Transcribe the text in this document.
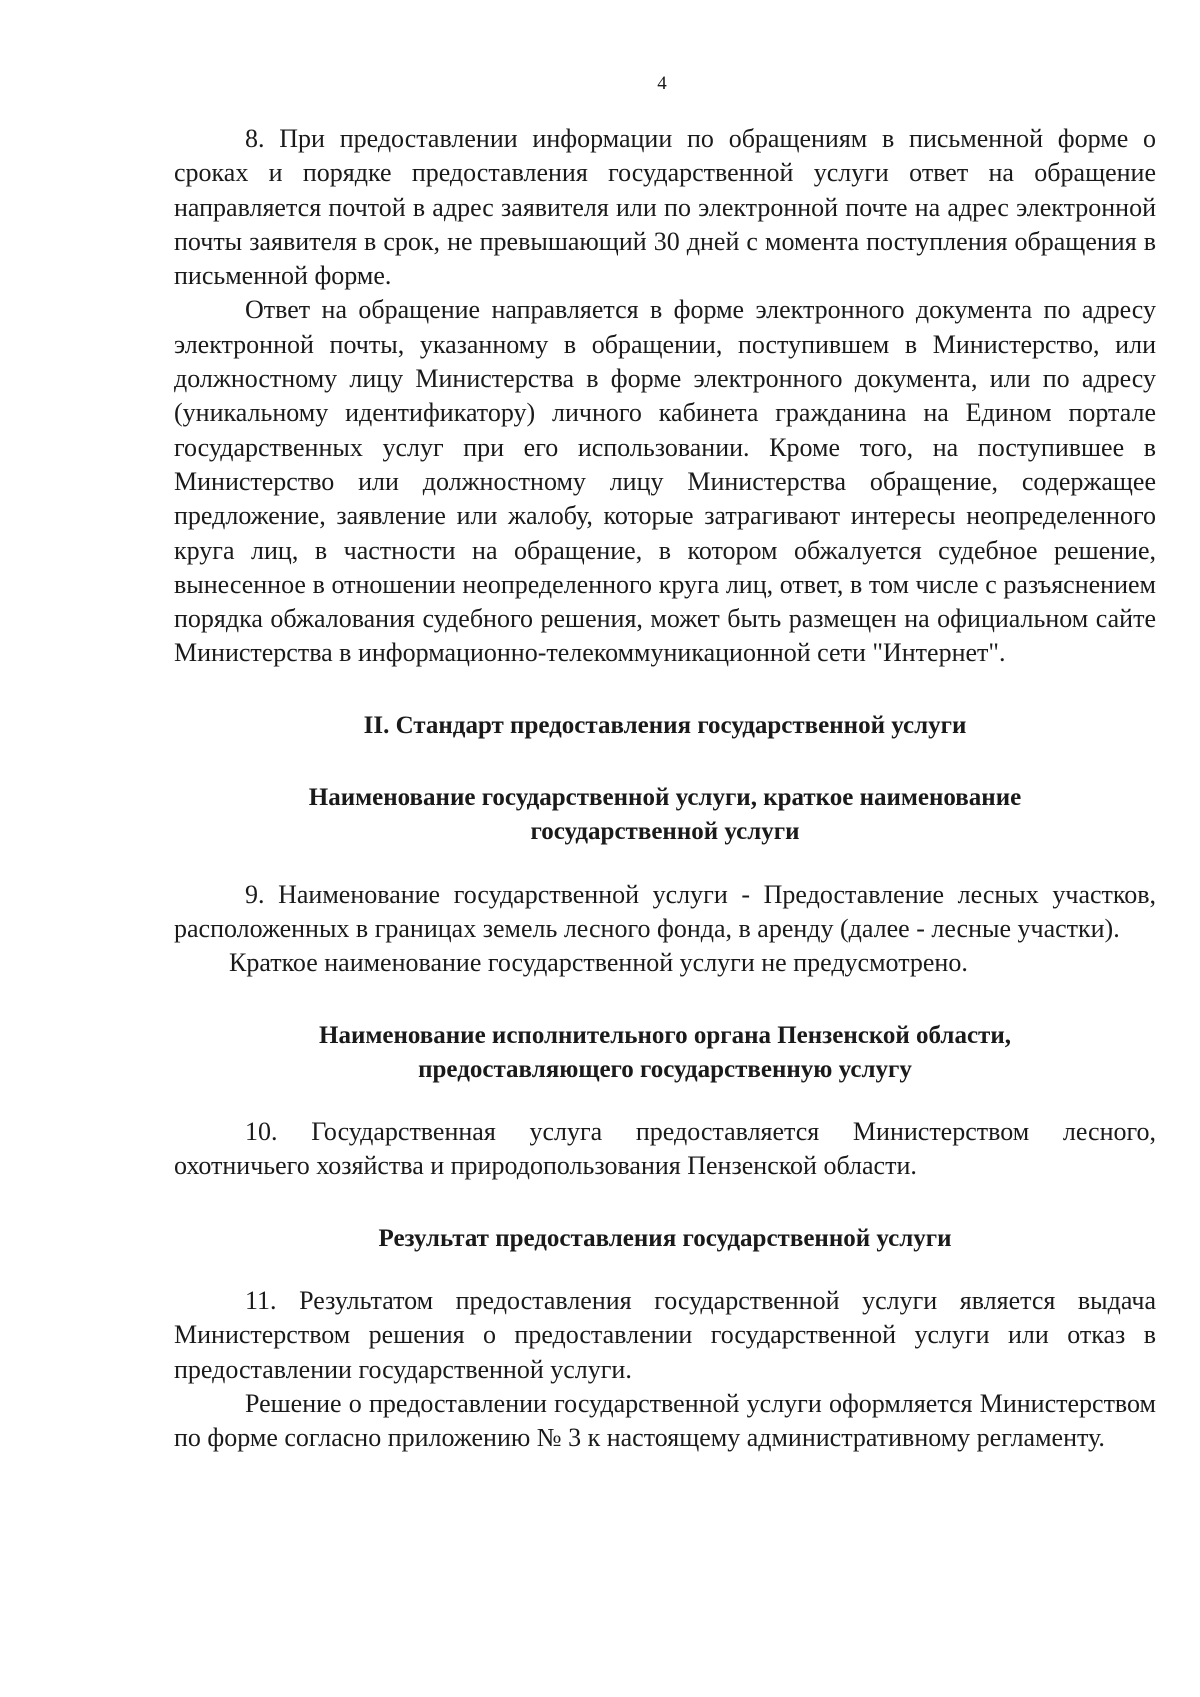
4

8. При предоставлении информации по обращениям в письменной форме о сроках и порядке предоставления государственной услуги ответ на обращение направляется почтой в адрес заявителя или по электронной почте на адрес электронной почты заявителя в срок, не превышающий 30 дней с момента поступления обращения в письменной форме.

Ответ на обращение направляется в форме электронного документа по адресу электронной почты, указанному в обращении, поступившем в Министерство, или должностному лицу Министерства в форме электронного документа, или по адресу (уникальному идентификатору) личного кабинета гражданина на Едином портале государственных услуг при его использовании. Кроме того, на поступившее в Министерство или должностному лицу Министерства обращение, содержащее предложение, заявление или жалобу, которые затрагивают интересы неопределенного круга лиц, в частности на обращение, в котором обжалуется судебное решение, вынесенное в отношении неопределенного круга лиц, ответ, в том числе с разъяснением порядка обжалования судебного решения, может быть размещен на официальном сайте Министерства в информационно-телекоммуникационной сети "Интернет".

II. Стандарт предоставления государственной услуги
Наименование государственной услуги, краткое наименование
государственной услуги

9. Наименование государственной услуги - Предоставление лесных участков, расположенных в границах земель лесного фонда, в аренду (далее - лесные участки).

Краткое наименование государственной услуги не предусмотрено.

Наименование исполнительного органа Пензенской области,
предоставляющего государственную услугу

10. Государственная услуга предоставляется Министерством лесного, охотничьего хозяйства и природопользования Пензенской области.

Результат предоставления государственной услуги

11. Результатом предоставления государственной услуги является выдача Министерством решения о предоставлении государственной услуги или отказ в предоставлении государственной услуги.

Решение о предоставлении государственной услуги оформляется Министерством по форме согласно приложению № 3 к настоящему административному регламенту.
